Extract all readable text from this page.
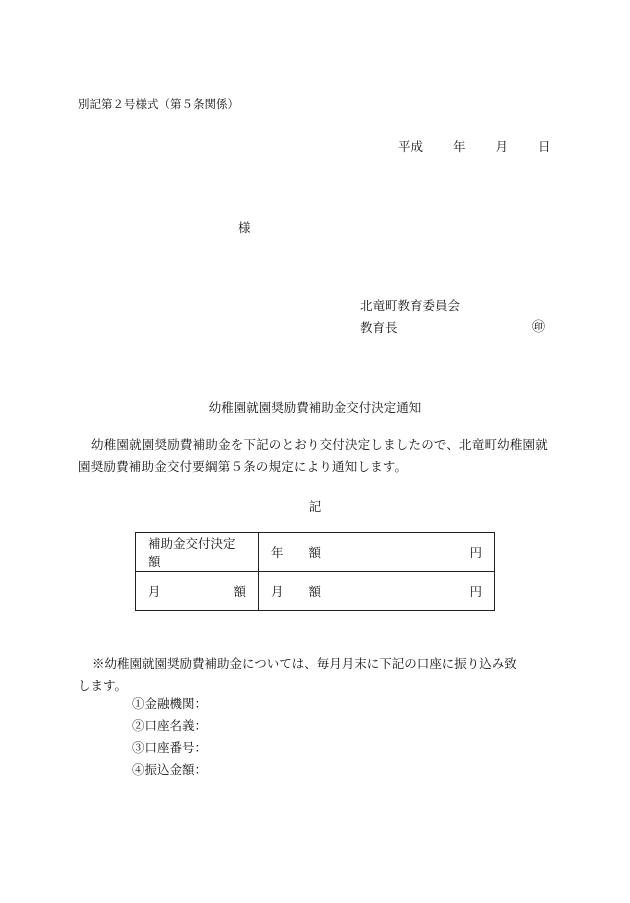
別記第２号様式（第５条関係）
平成 年 月 日
様
北竜町教育委員会
教育長	㊞
幼稚園就園奨励費補助金交付決定通知
幼稚園就園奨励費補助金を下記のとおり交付決定しましたので、北竜町幼稚園就園奨励費補助金交付要綱第５条の規定により通知します。
記
補助金交付決定額	年　　額 円

月 額	月　　額 円
※幼稚園就園奨励費補助金については、毎月月末に下記の口座に振り込み致
します。
①金融機関：
②口座名義：
③口座番号：
④振込金額：
